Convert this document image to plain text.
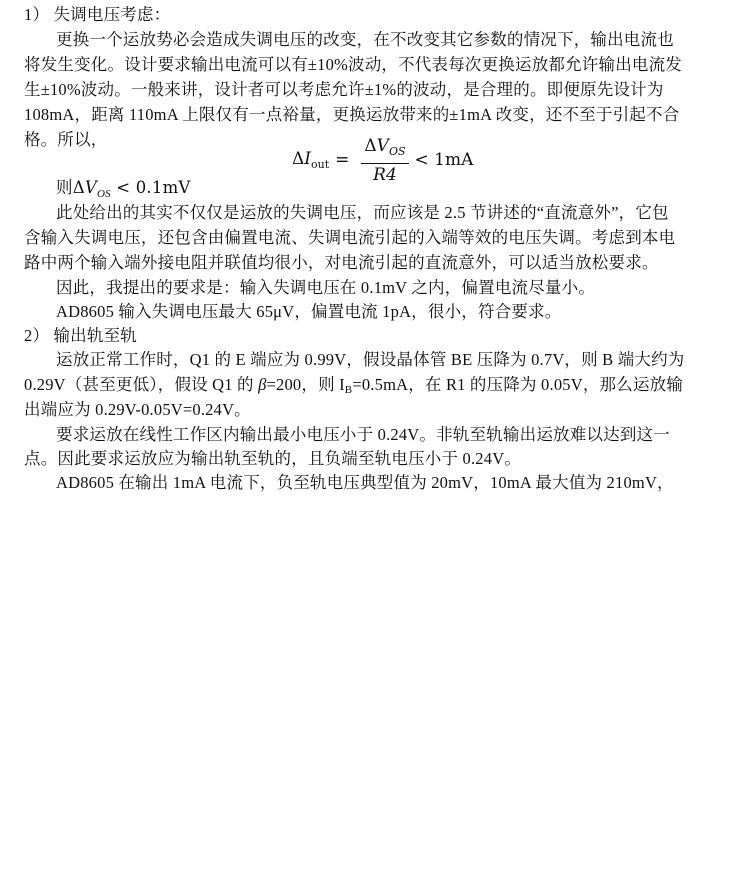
1） 失调电压考虑：
更换一个运放势必会造成失调电压的改变，在不改变其它参数的情况下，输出电流也
将发生变化。设计要求输出电流可以有±10%波动，不代表每次更换运放都允许输出电流发
生±10%波动。一般来讲，设计者可以考虑允许±1%的波动，是合理的。即便原先设计为
108mA，距离 110mA 上限仅有一点裕量，更换运放带来的±1mA 改变，还不至于引起不合
格。所以，
$\Delta I_{out} = \frac{\Delta V_{OS}}{R4} < 1mA$
则$\Delta V_{OS} < 0.1mV$
此处给出的其实不仅仅是运放的失调电压，而应该是 2.5 节讲述的“直流意外”，它包
含输入失调电压，还包含由偏置电流、失调电流引起的入端等效的电压失调。考虑到本电
路中两个输入端外接电阻并联值均很小，对电流引起的直流意外，可以适当放松要求。
因此，我提出的要求是：输入失调电压在 0.1mV 之内，偏置电流尽量小。
AD8605 输入失调电压最大 65μV，偏置电流 1pA，很小，符合要求。
2） 输出轨至轨
运放正常工作时，Q1 的 E 端应为 0.99V，假设晶体管 BE 压降为 0.7V，则 B 端大约为
0.29V（甚至更低），假设 Q1 的 β=200，则 $I_B=0.5mA$，在 R1 的压降为 0.05V，那么运放输
出端应为 0.29V-0.05V=0.24V。
要求运放在线性工作区内输出最小电压小于 0.24V。非轨至轨输出运放难以达到这一
点。因此要求运放应为输出轨至轨的，且负端至轨电压小于 0.24V。
AD8605 在输出 1mA 电流下，负至轨电压典型值为 20mV，10mA 最大值为 210mV，
